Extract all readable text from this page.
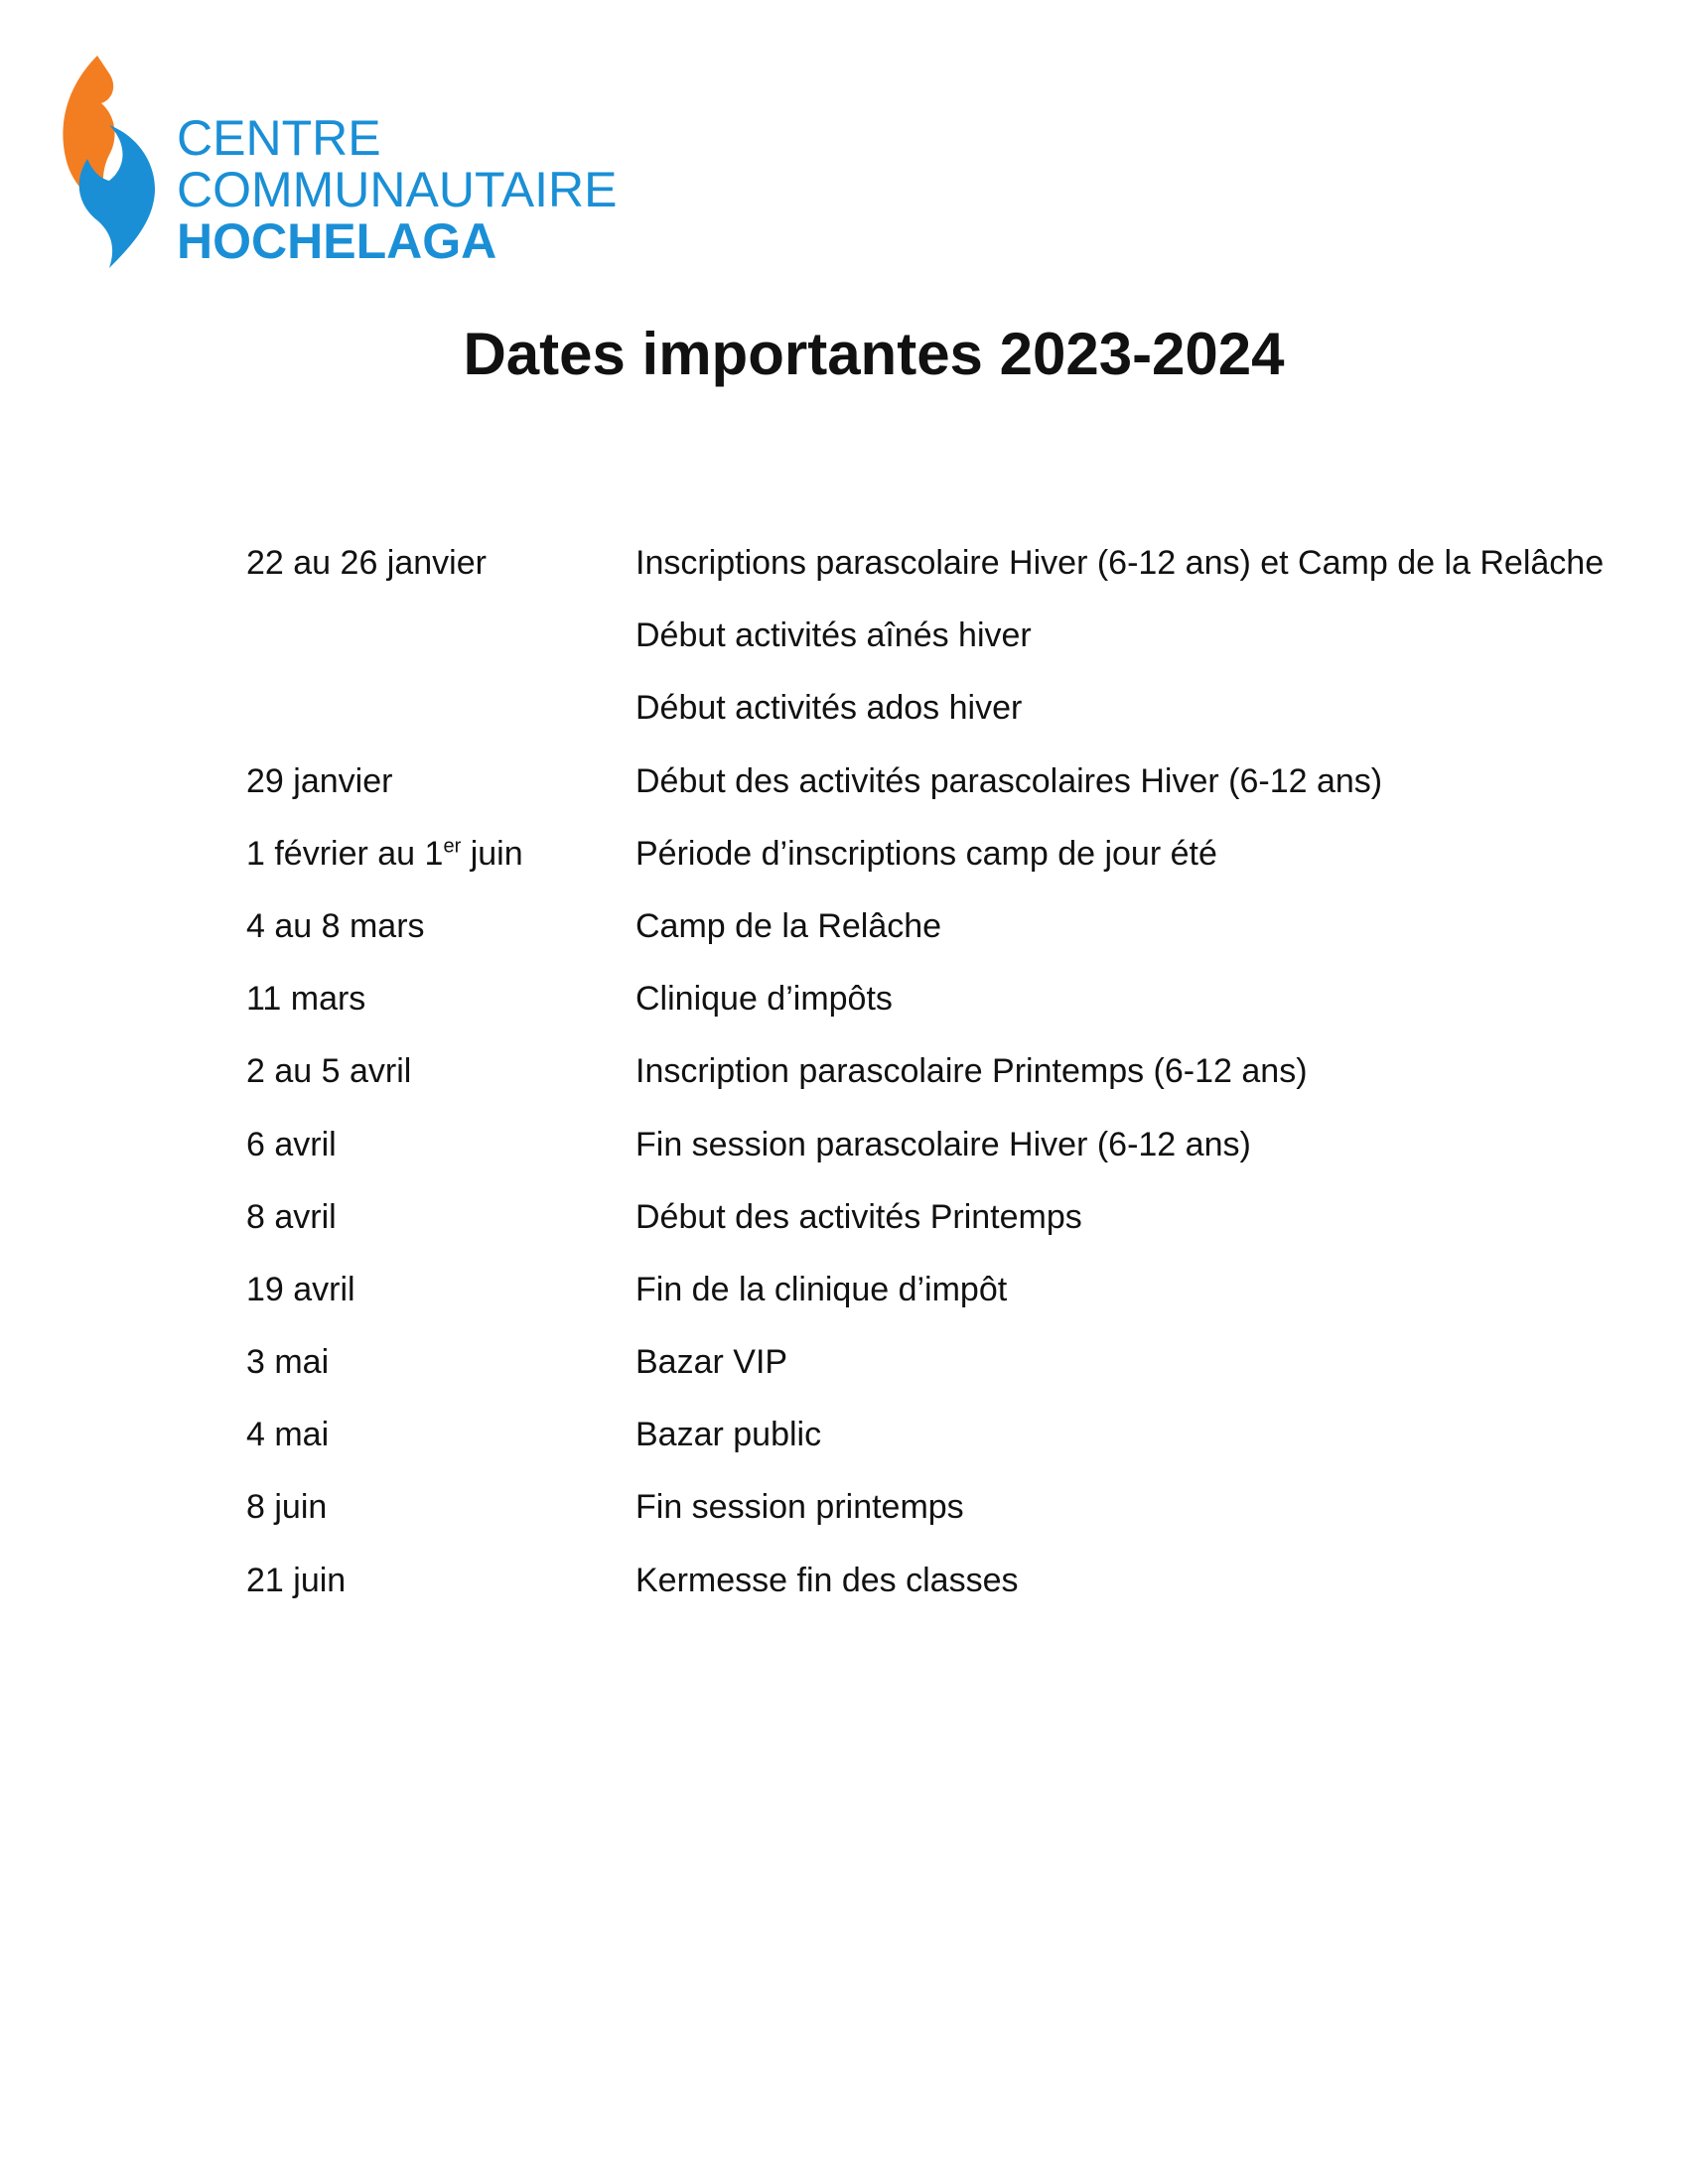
CENTRE
COMMUNAUTAIRE
HOCHELAGA
Dates importantes 2023-2024
22 au 26 janvier	Inscriptions parascolaire Hiver (6-12 ans) et Camp de la Relâche
Début activités aînés hiver
Début activités ados hiver
29 janvier	Début des activités parascolaires Hiver (6-12 ans)
1 février au 1er juin	Période d’inscriptions camp de jour été
4 au 8 mars	Camp de la Relâche
11 mars	Clinique d’impôts
2 au 5 avril	Inscription parascolaire Printemps (6-12 ans)
6 avril	Fin session parascolaire Hiver (6-12 ans)
8 avril	Début des activités Printemps
19 avril	Fin de la clinique d’impôt
3 mai	Bazar VIP
4 mai	Bazar public
8 juin	Fin session printemps
21 juin	Kermesse fin des classes
